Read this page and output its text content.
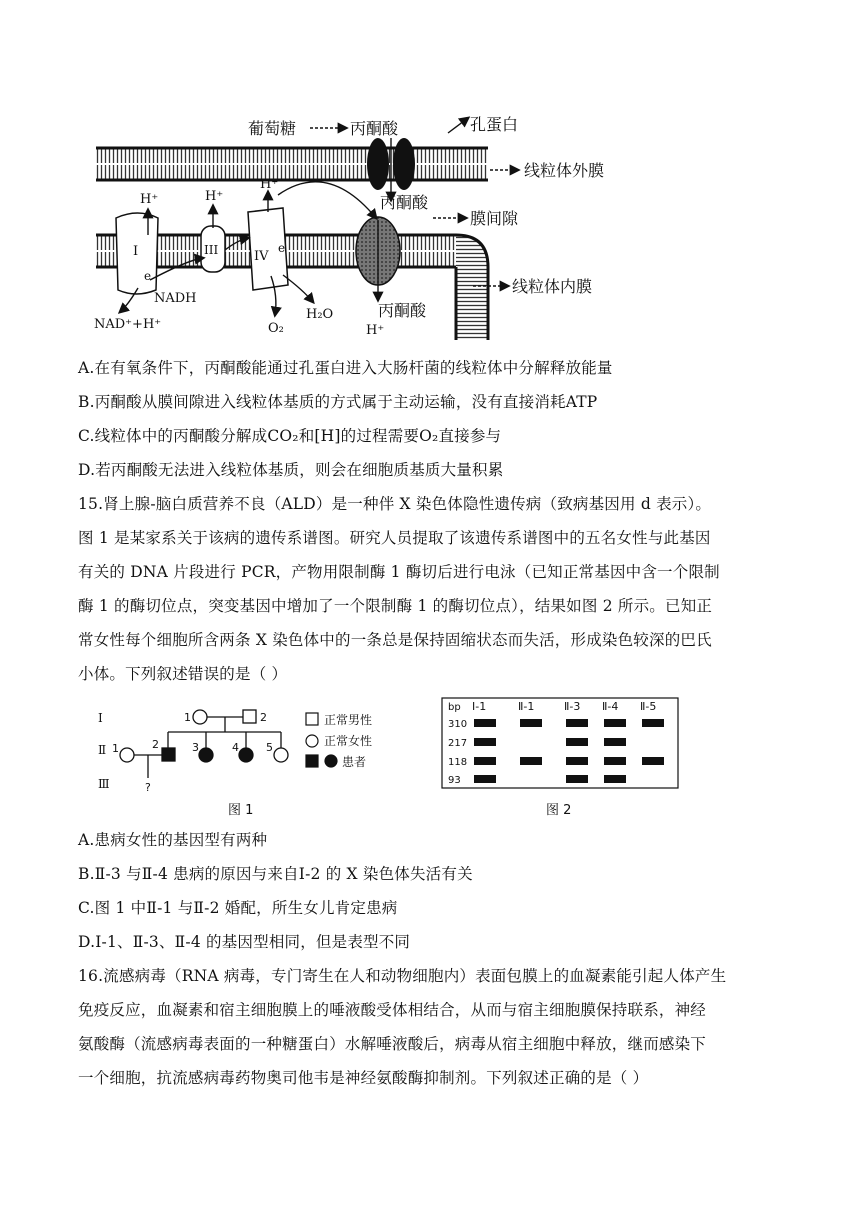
葡萄糖	丙酮酸	孔蛋白
线粒体外膜
丙酮酸
膜间隙
线粒体内膜
丙酮酸
H⁺	H⁺
H⁺
H⁺
I	III	IV
e
e
NADH
NAD⁺+H⁺	O₂
H₂O
A.在有氧条件下，丙酮酸能通过孔蛋白进入大肠杆菌的线粒体中分解释放能量
B.丙酮酸从膜间隙进入线粒体基质的方式属于主动运输，没有直接消耗ATP
C.线粒体中的丙酮酸分解成CO₂和[H]的过程需要O₂直接参与
D.若丙酮酸无法进入线粒体基质，则会在细胞质基质大量积累
15.肾上腺-脑白质营养不良（ALD）是一种伴 X 染色体隐性遗传病（致病基因用 d 表示）。
图 1 是某家系关于该病的遗传系谱图。研究人员提取了该遗传系谱图中的五名女性与此基因
有关的 DNA 片段进行 PCR，产物用限制酶 1 酶切后进行电泳（已知正常基因中含一个限制
酶 1 的酶切位点，突变基因中增加了一个限制酶 1 的酶切位点），结果如图 2 所示。已知正
常女性每个细胞所含两条 X 染色体中的一条总是保持固缩状态而失活，形成染色较深的巴氏
小体。下列叙述错误的是（ ）
Ⅰ
Ⅱ
Ⅲ
1	2
1	2	3	4 5
?
正常男性
正常女性
患者
图 1
bp Ⅰ-1	Ⅱ-1	Ⅱ-3 Ⅱ-4 Ⅱ-5
310
217
118
93
图 2
A.患病女性的基因型有两种
B.Ⅱ-3 与Ⅱ-4 患病的原因与来自Ⅰ-2 的 X 染色体失活有关
C.图 1 中Ⅱ-1 与Ⅱ-2 婚配，所生女儿肯定患病
D.Ⅰ-1、Ⅱ-3、Ⅱ-4 的基因型相同，但是表型不同
16.流感病毒（RNA 病毒，专门寄生在人和动物细胞内）表面包膜上的血凝素能引起人体产生
免疫反应，血凝素和宿主细胞膜上的唾液酸受体相结合，从而与宿主细胞膜保持联系，神经
氨酸酶（流感病毒表面的一种糖蛋白）水解唾液酸后，病毒从宿主细胞中释放，继而感染下
一个细胞，抗流感病毒药物奥司他韦是神经氨酸酶抑制剂。下列叙述正确的是（ ）
